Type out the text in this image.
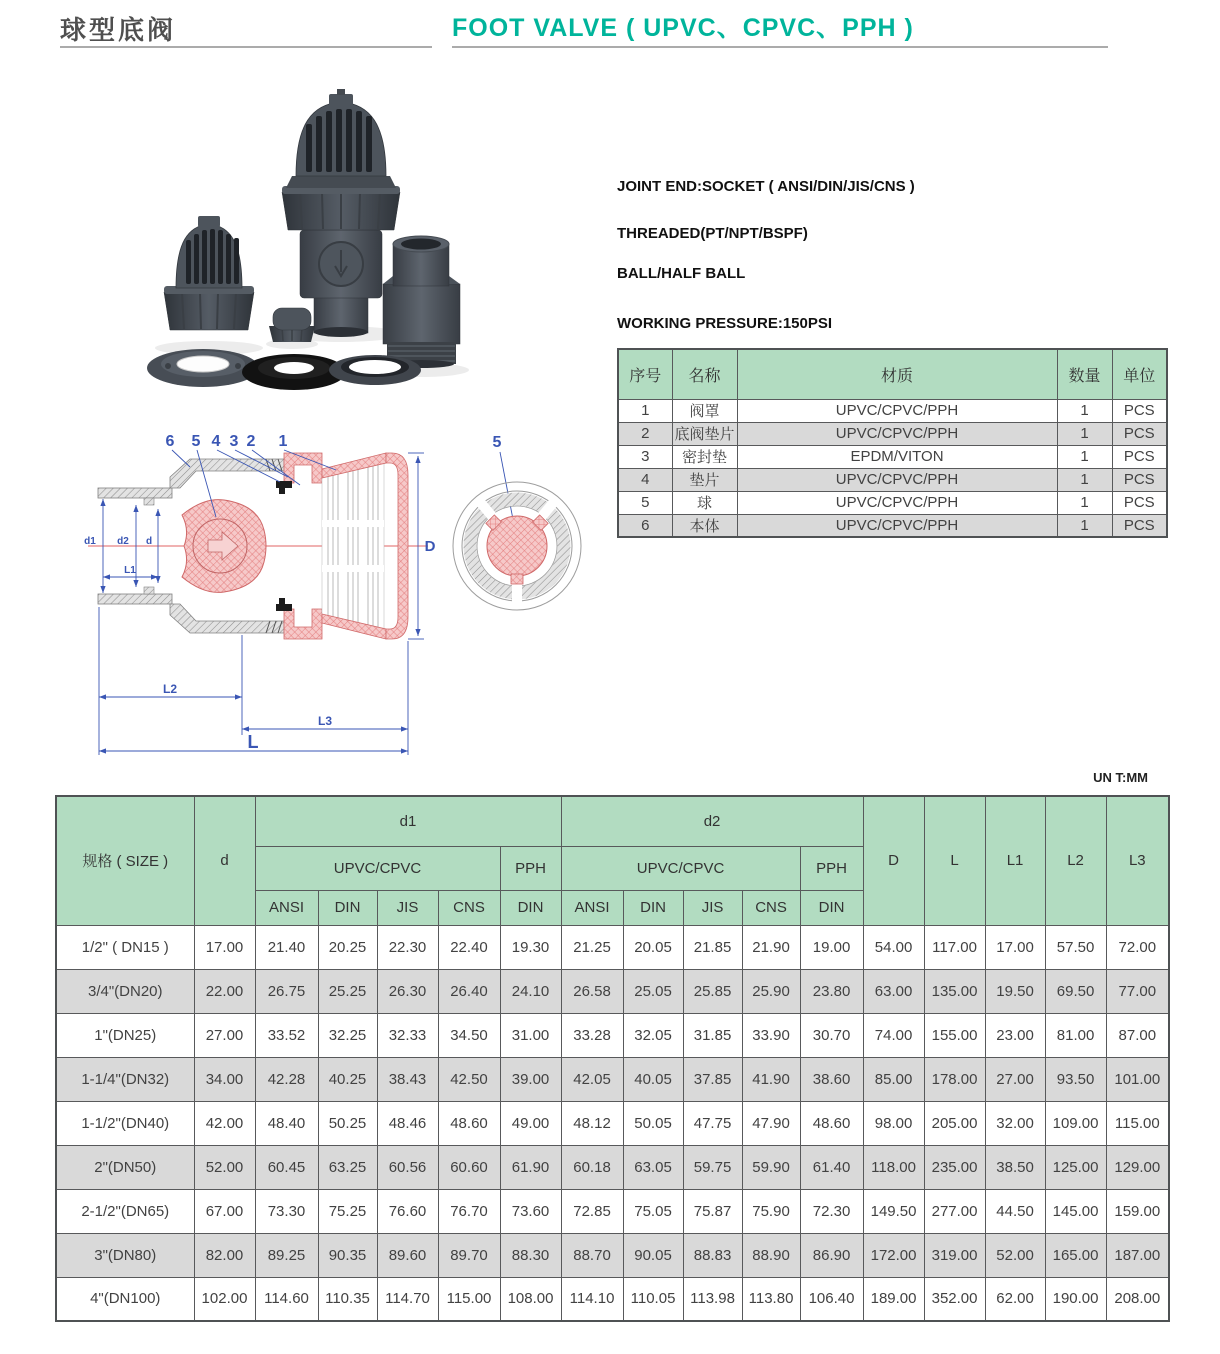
球型底阀	FOOT VALVE ( UPVC、CPVC、PPH )
d1 d2 d
L1
L2
L3
L
D
6 5 4 3 2 1	5
JOINT END:SOCKET ( ANSI/DIN/JIS/CNS )
THREADED(PT/NPT/BSPF)
BALL/HALF BALL
WORKING PRESSURE:150PSI
序号	名称	材质	数量	单位
1	阀罩	UPVC/CPVC/PPH	1	PCS
2	底阀垫片	UPVC/CPVC/PPH	1	PCS
3	密封垫	EPDM/VITON	1	PCS
4	垫片	UPVC/CPVC/PPH	1	PCS
5	球	UPVC/CPVC/PPH	1	PCS
6	本体	UPVC/CPVC/PPH	1	PCS
UN T:MM
规格 ( SIZE )	d	d1					d2					D	L	L1	L2	L3
		UPVC/CPVC				PPH	UPVC/CPVC				PPH					
		ANSI	DIN	JIS	CNS	DIN	ANSI	DIN	JIS	CNS	DIN					
1/2" ( DN15 )	17.00	21.40	20.25	22.30	22.40	19.30	21.25	20.05	21.85	21.90	19.00	54.00	117.00	17.00	57.50	72.00
3/4"(DN20)	22.00	26.75	25.25	26.30	26.40	24.10	26.58	25.05	25.85	25.90	23.80	63.00	135.00	19.50	69.50	77.00
1"(DN25)	27.00	33.52	32.25	32.33	34.50	31.00	33.28	32.05	31.85	33.90	30.70	74.00	155.00	23.00	81.00	87.00
1-1/4"(DN32)	34.00	42.28	40.25	38.43	42.50	39.00	42.05	40.05	37.85	41.90	38.60	85.00	178.00	27.00	93.50	101.00
1-1/2"(DN40)	42.00	48.40	50.25	48.46	48.60	49.00	48.12	50.05	47.75	47.90	48.60	98.00	205.00	32.00	109.00	115.00
2"(DN50)	52.00	60.45	63.25	60.56	60.60	61.90	60.18	63.05	59.75	59.90	61.40	118.00	235.00	38.50	125.00	129.00
2-1/2"(DN65)	67.00	73.30	75.25	76.60	76.70	73.60	72.85	75.05	75.87	75.90	72.30	149.50	277.00	44.50	145.00	159.00
3"(DN80)	82.00	89.25	90.35	89.60	89.70	88.30	88.70	90.05	88.83	88.90	86.90	172.00	319.00	52.00	165.00	187.00
4"(DN100)	102.00	114.60	110.35	114.70	115.00	108.00	114.10	110.05	113.98	113.80	106.40	189.00	352.00	62.00	190.00	208.00
